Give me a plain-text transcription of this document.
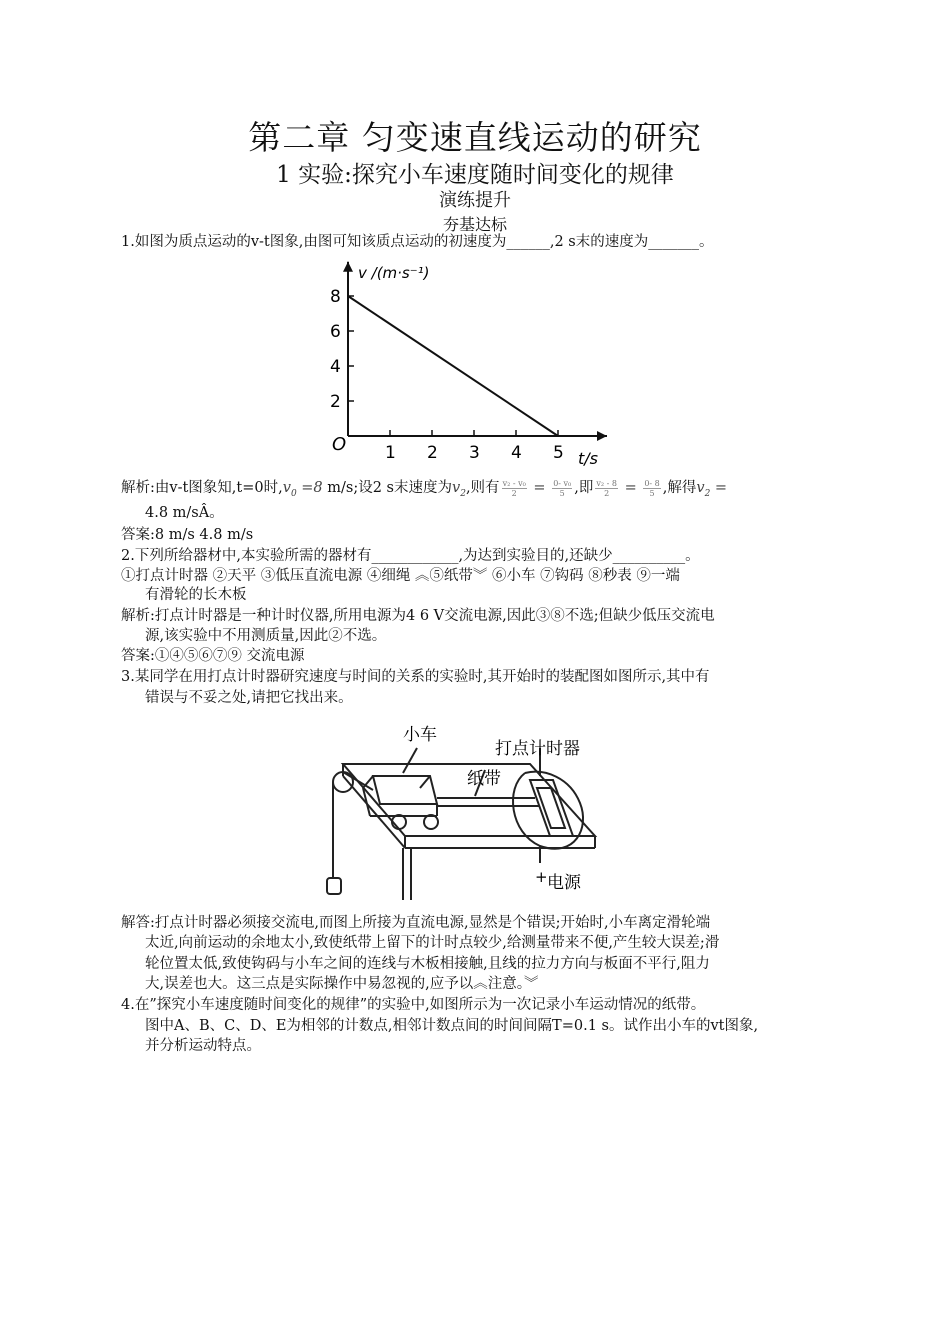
第二章 匀变速直线运动的研究
1 实验:探究小车速度随时间变化的规律
演练提升
夯基达标
1.如图为质点运动的v-t图象,由图可知该质点运动的初速度为______,2 s末的速度为_______。
1 2 3 4 5
2
4
6
8
v /(m·s⁻¹)
t/s
O
解析:由v-t图象知,t=0时$,v_0 =8$ m/s;设2 s末速度为$v_2$,则有 $\frac{\text{v₂ - v₀}}{2} = \frac{\text{0- v₀}}{5}$ ,即 $\frac{\text{v₂ - 8}}{2} = \frac{0- 8}{5}$ ,解得$v_2$ =
4.8 m/sÂ。
答案:8 m/s 4.8 m/s
2.下列所给器材中,本实验所需的器材有____________,为达到实验目的,还缺少__________。
①打点计时器 ②天平 ③低压直流电源 ④细绳 ︽⑤纸带︾ ⑥小车 ⑦钩码 ⑧秒表 ⑨一端
有滑轮的长木板
解析:打点计时器是一种计时仪器,所用电源为4 6 V交流电源,因此③⑧不选;但缺少低压交流电
源,该实验中不用测质量,因此②不选。
答案:①④⑤⑥⑦⑨ 交流电源
3.某同学在用打点计时器研究速度与时间的关系的实验时,其开始时的装配图如图所示,其中有
错误与不妥之处,请把它找出来。
小车
打点计时器
纸带
+ 电源
解答:打点计时器必须接交流电,而图上所接为直流电源,显然是个错误;开始时,小车离定滑轮端
太近,向前运动的余地太小,致使纸带上留下的计时点较少,给测量带来不便,产生较大误差;滑
轮位置太低,致使钩码与小车之间的连线与木板相接触,且线的拉力方向与板面不平行,阻力
大,误差也大。这三点是实际操作中易忽视的,应予以︽注意。︾
4.在”探究小车速度随时间变化的规律”的实验中,如图所示为一次记录小车运动情况的纸带。
图中A、B、C、D、E为相邻的计数点,相邻计数点间的时间间隔T=0.1 s。试作出小车的vt图象,
并分析运动特点。
